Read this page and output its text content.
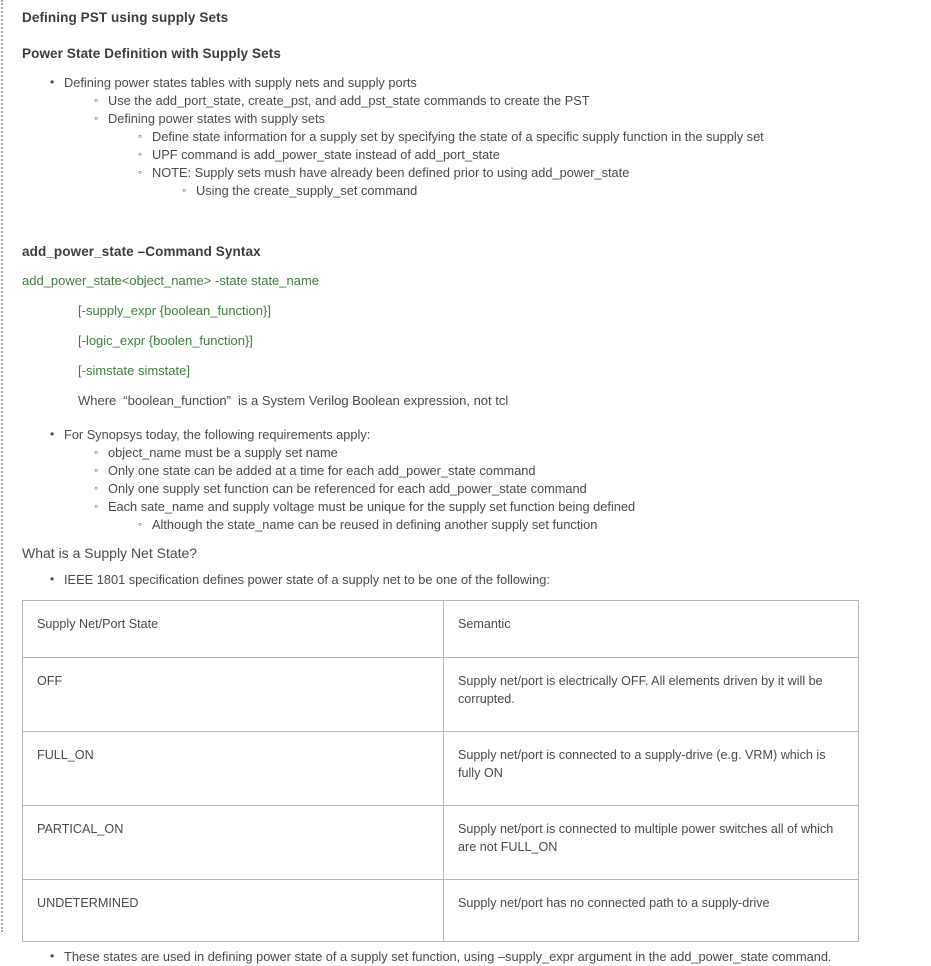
Defining PST using supply Sets
Power State Definition with Supply Sets
• Defining power states tables with supply nets and supply ports
◦ Use the add_port_state, create_pst, and add_pst_state commands to create the PST
◦ Defining power states with supply sets
◦ Define state information for a supply set by specifying the state of a specific supply function in the supply set
◦ UPF command is add_power_state instead of add_port_state
◦ NOTE: Supply sets mush have already been defined prior to using add_power_state
◦ Using the create_supply_set command
add_power_state –Command Syntax
add_power_state<object_name> -state state_name
[-supply_expr {boolean_function}]
[-logic_expr {boolen_function}]
[-simstate simstate]
Where “boolean_function” is a System Verilog Boolean expression, not tcl
• For Synopsys today, the following requirements apply:
◦ object_name must be a supply set name
◦ Only one state can be added at a time for each add_power_state command
◦ Only one supply set function can be referenced for each add_power_state command
◦ Each sate_name and supply voltage must be unique for the supply set function being defined
◦ Although the state_name can be reused in defining another supply set function
What is a Supply Net State?
• IEEE 1801 specification defines power state of a supply net to be one of the following:
Supply Net/Port State	Semantic
OFF	Supply net/port is electrically OFF. All elements driven by it will be corrupted.
FULL_ON	Supply net/port is connected to a supply-drive (e.g. VRM) which is fully ON
PARTICAL_ON	Supply net/port is connected to multiple power switches all of which are not FULL_ON
UNDETERMINED	Supply net/port has no connected path to a supply-drive
• These states are used in defining power state of a supply set function, using –supply_expr argument in the add_power_state command.
